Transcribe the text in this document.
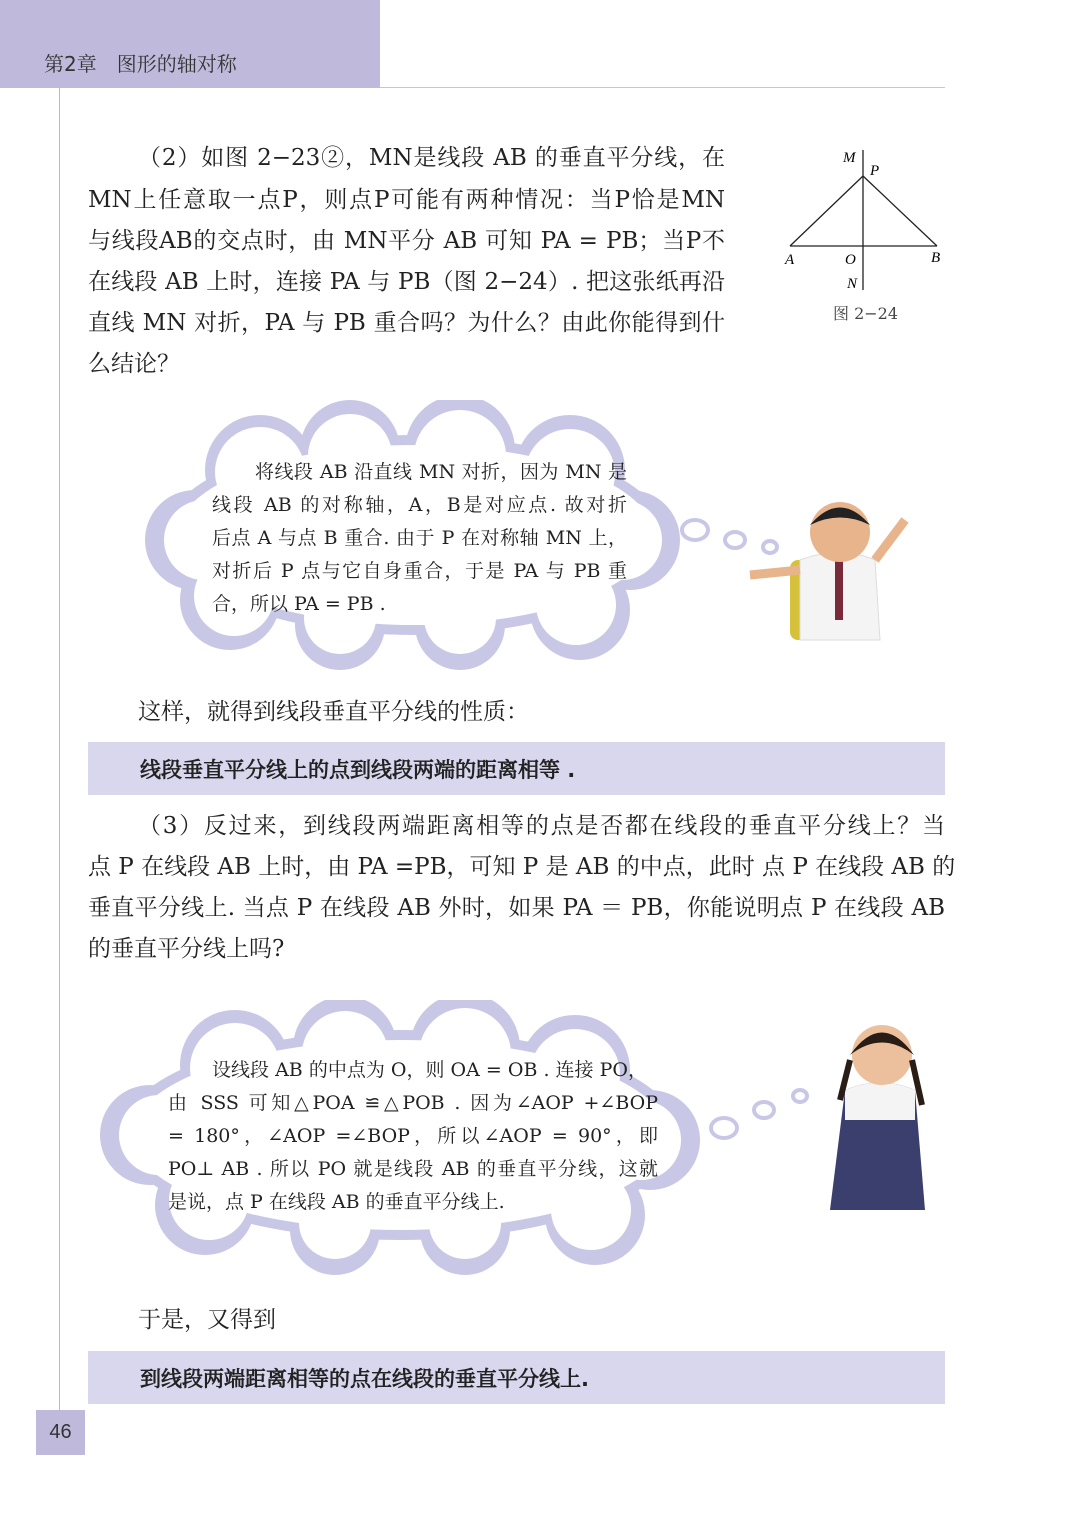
第2章　图形的轴对称
（2）如图 2−23②，MN是线段 AB 的垂直平分线，在
MN上任意取一点P，则点P可能有两种情况：当P恰是MN
与线段AB的交点时，由 MN平分 AB 可知 PA = PB；当P不
在线段 AB 上时，连接 PA 与 PB（图 2−24）. 把这张纸再沿
直线 MN 对折，PA 与 PB 重合吗？为什么？由此你能得到什
么结论？
M
P
A	O	B
N
图 2−24
将线段 AB 沿直线 MN 对折，因为 MN 是
线段 AB 的对称轴，A，B是对应点. 故对折
后点 A 与点 B 重合. 由于 P 在对称轴 MN 上，
对折后 P 点与它自身重合，于是 PA 与 PB 重
合，所以 PA = PB .
这样，就得到线段垂直平分线的性质：
线段垂直平分线上的点到线段两端的距离相等 .
（3）反过来，到线段两端距离相等的点是否都在线段的垂直平分线上？当
点 P 在线段 AB 上时，由 PA =PB，可知 P 是 AB 的中点，此时 点 P 在线段 AB 的
垂直平分线上. 当点 P 在线段 AB 外时，如果 PA ＝ PB，你能说明点 P 在线段 AB
的垂直平分线上吗?
设线段 AB 的中点为 O，则 OA = OB . 连接 PO，
由 SSS 可知△POA ≌△POB . 因为∠AOP +∠BOP
= 180°，∠AOP =∠BOP，所以∠AOP = 90°，即
PO⊥ AB . 所以 PO 就是线段 AB 的垂直平分线，这就
是说，点 P 在线段 AB 的垂直平分线上.
于是，又得到
到线段两端距离相等的点在线段的垂直平分线上.
46
